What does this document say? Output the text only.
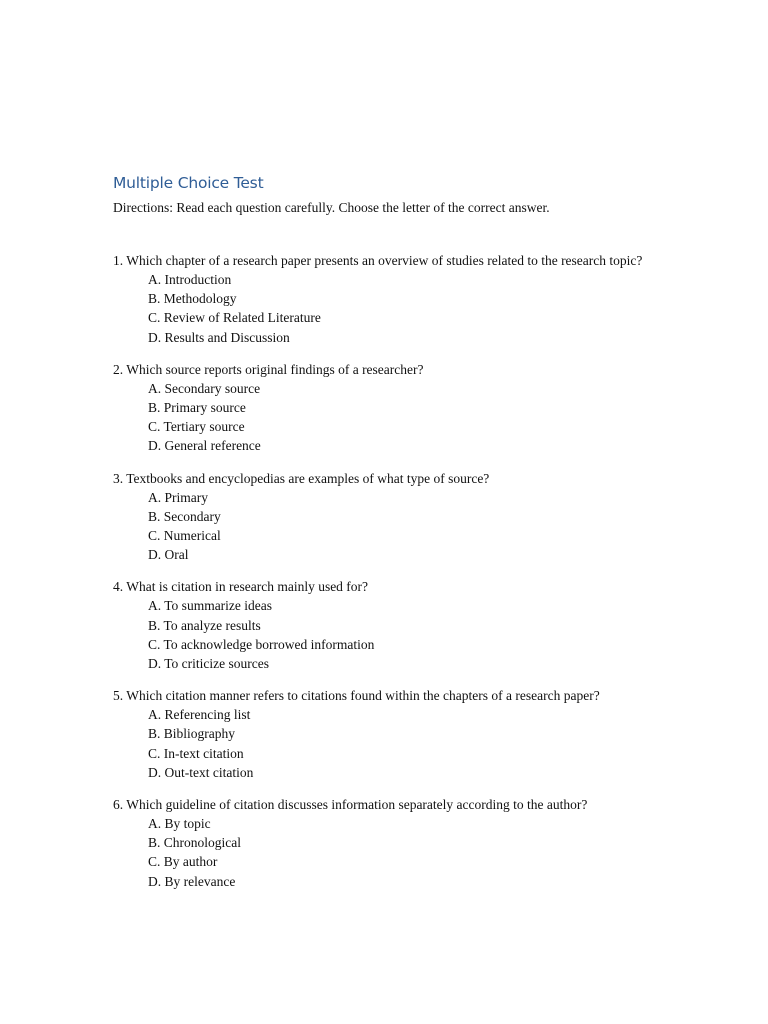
Multiple Choice Test
Directions: Read each question carefully. Choose the letter of the correct answer.
1. Which chapter of a research paper presents an overview of studies related to the research topic?
A. Introduction
B. Methodology
C. Review of Related Literature
D. Results and Discussion
2. Which source reports original findings of a researcher?
A. Secondary source
B. Primary source
C. Tertiary source
D. General reference
3. Textbooks and encyclopedias are examples of what type of source?
A. Primary
B. Secondary
C. Numerical
D. Oral
4. What is citation in research mainly used for?
A. To summarize ideas
B. To analyze results
C. To acknowledge borrowed information
D. To criticize sources
5. Which citation manner refers to citations found within the chapters of a research paper?
A. Referencing list
B. Bibliography
C. In-text citation
D. Out-text citation
6. Which guideline of citation discusses information separately according to the author?
A. By topic
B. Chronological
C. By author
D. By relevance
